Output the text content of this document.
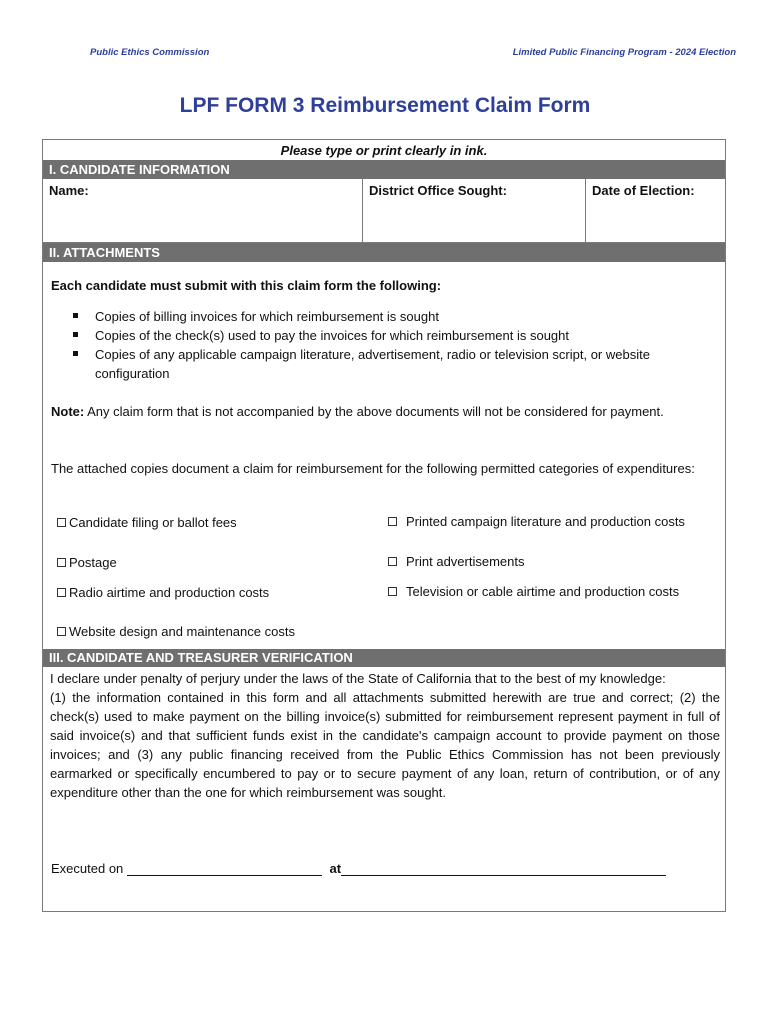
Public Ethics Commission	Limited Public Financing Program - 2024 Election
LPF FORM 3 Reimbursement Claim Form
Please type or print clearly in ink.
I. CANDIDATE INFORMATION
Name:	District Office Sought:	Date of Election:
II. ATTACHMENTS
Each candidate must submit with this claim form the following:
Copies of billing invoices for which reimbursement is sought
Copies of the check(s) used to pay the invoices for which reimbursement is sought
Copies of any applicable campaign literature, advertisement, radio or television script, or website configuration
Note: Any claim form that is not accompanied by the above documents will not be considered for payment.
The attached copies document a claim for reimbursement for the following permitted categories of expenditures:
Candidate filing or ballot fees	Printed campaign literature and production costs
Postage	Print advertisements
Radio airtime and production costs	Television or cable airtime and production costs
Website design and maintenance costs
III. CANDIDATE AND TREASURER VERIFICATION

I declare under penalty of perjury under the laws of the State of California that to the best of my knowledge:

(1) the information contained in this form and all attachments submitted herewith are true and correct; (2) the check(s) used to make payment on the billing invoice(s) submitted for reimbursement represent payment in full of said invoice(s) and that sufficient funds exist in the candidate's campaign account to provide payment on those invoices; and (3) any public financing received from the Public Ethics Commission has not been previously earmarked or specifically encumbered to pay or to secure payment of any loan, return of contribution, or of any expenditure other than the one for which reimbursement was sought.

Executed on	at
